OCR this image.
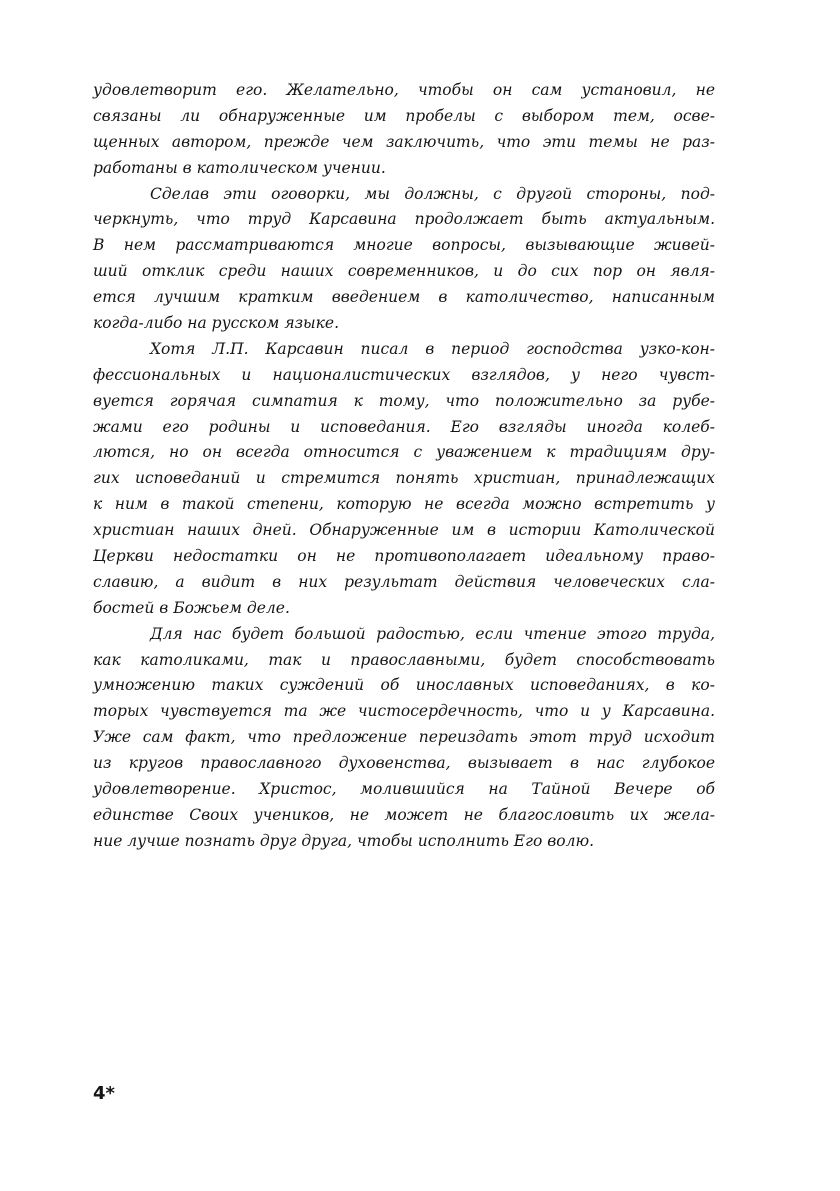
удовлетворит его. Желательно, чтобы он сам установил, не
связаны ли обнаруженные им пробелы с выбором тем, осве-
щенных автором, прежде чем заключить, что эти темы не раз-
работаны в католическом учении.
Сделав эти оговорки, мы должны, с другой стороны, под-
черкнуть, что труд Карсавина продолжает быть актуальным.
В нем рассматриваются многие вопросы, вызывающие живей-
ший отклик среди наших современников, и до сих пор он явля-
ется лучшим кратким введением в католичество, написанным
когда-либо на русском языке.
Хотя Л.П. Карсавин писал в период господства узко-кон-
фессиональных и националистических взглядов, у него чувст-
вуется горячая симпатия к тому, что положительно за рубе-
жами его родины и исповедания. Его взгляды иногда колеб-
лются, но он всегда относится с уважением к традициям дру-
гих исповеданий и стремится понять христиан, принадлежащих
к ним в такой степени, которую не всегда можно встретить у
христиан наших дней. Обнаруженные им в истории Католической
Церкви недостатки он не противополагает идеальному право-
славию, а видит в них результат действия человеческих сла-
бостей в Божьем деле.
Для нас будет большой радостью, если чтение этого труда,
как католиками, так и православными, будет способствовать
умножению таких суждений об инославных исповеданиях, в ко-
торых чувствуется та же чистосердечность, что и у Карсавина.
Уже сам факт, что предложение переиздать этот труд исходит
из кругов православного духовенства, вызывает в нас глубокое
удовлетворение. Христос, молившийся на Тайной Вечере об
единстве Своих учеников, не может не благословить их жела-
ние лучше познать друг друга, чтобы исполнить Его волю.
4*
